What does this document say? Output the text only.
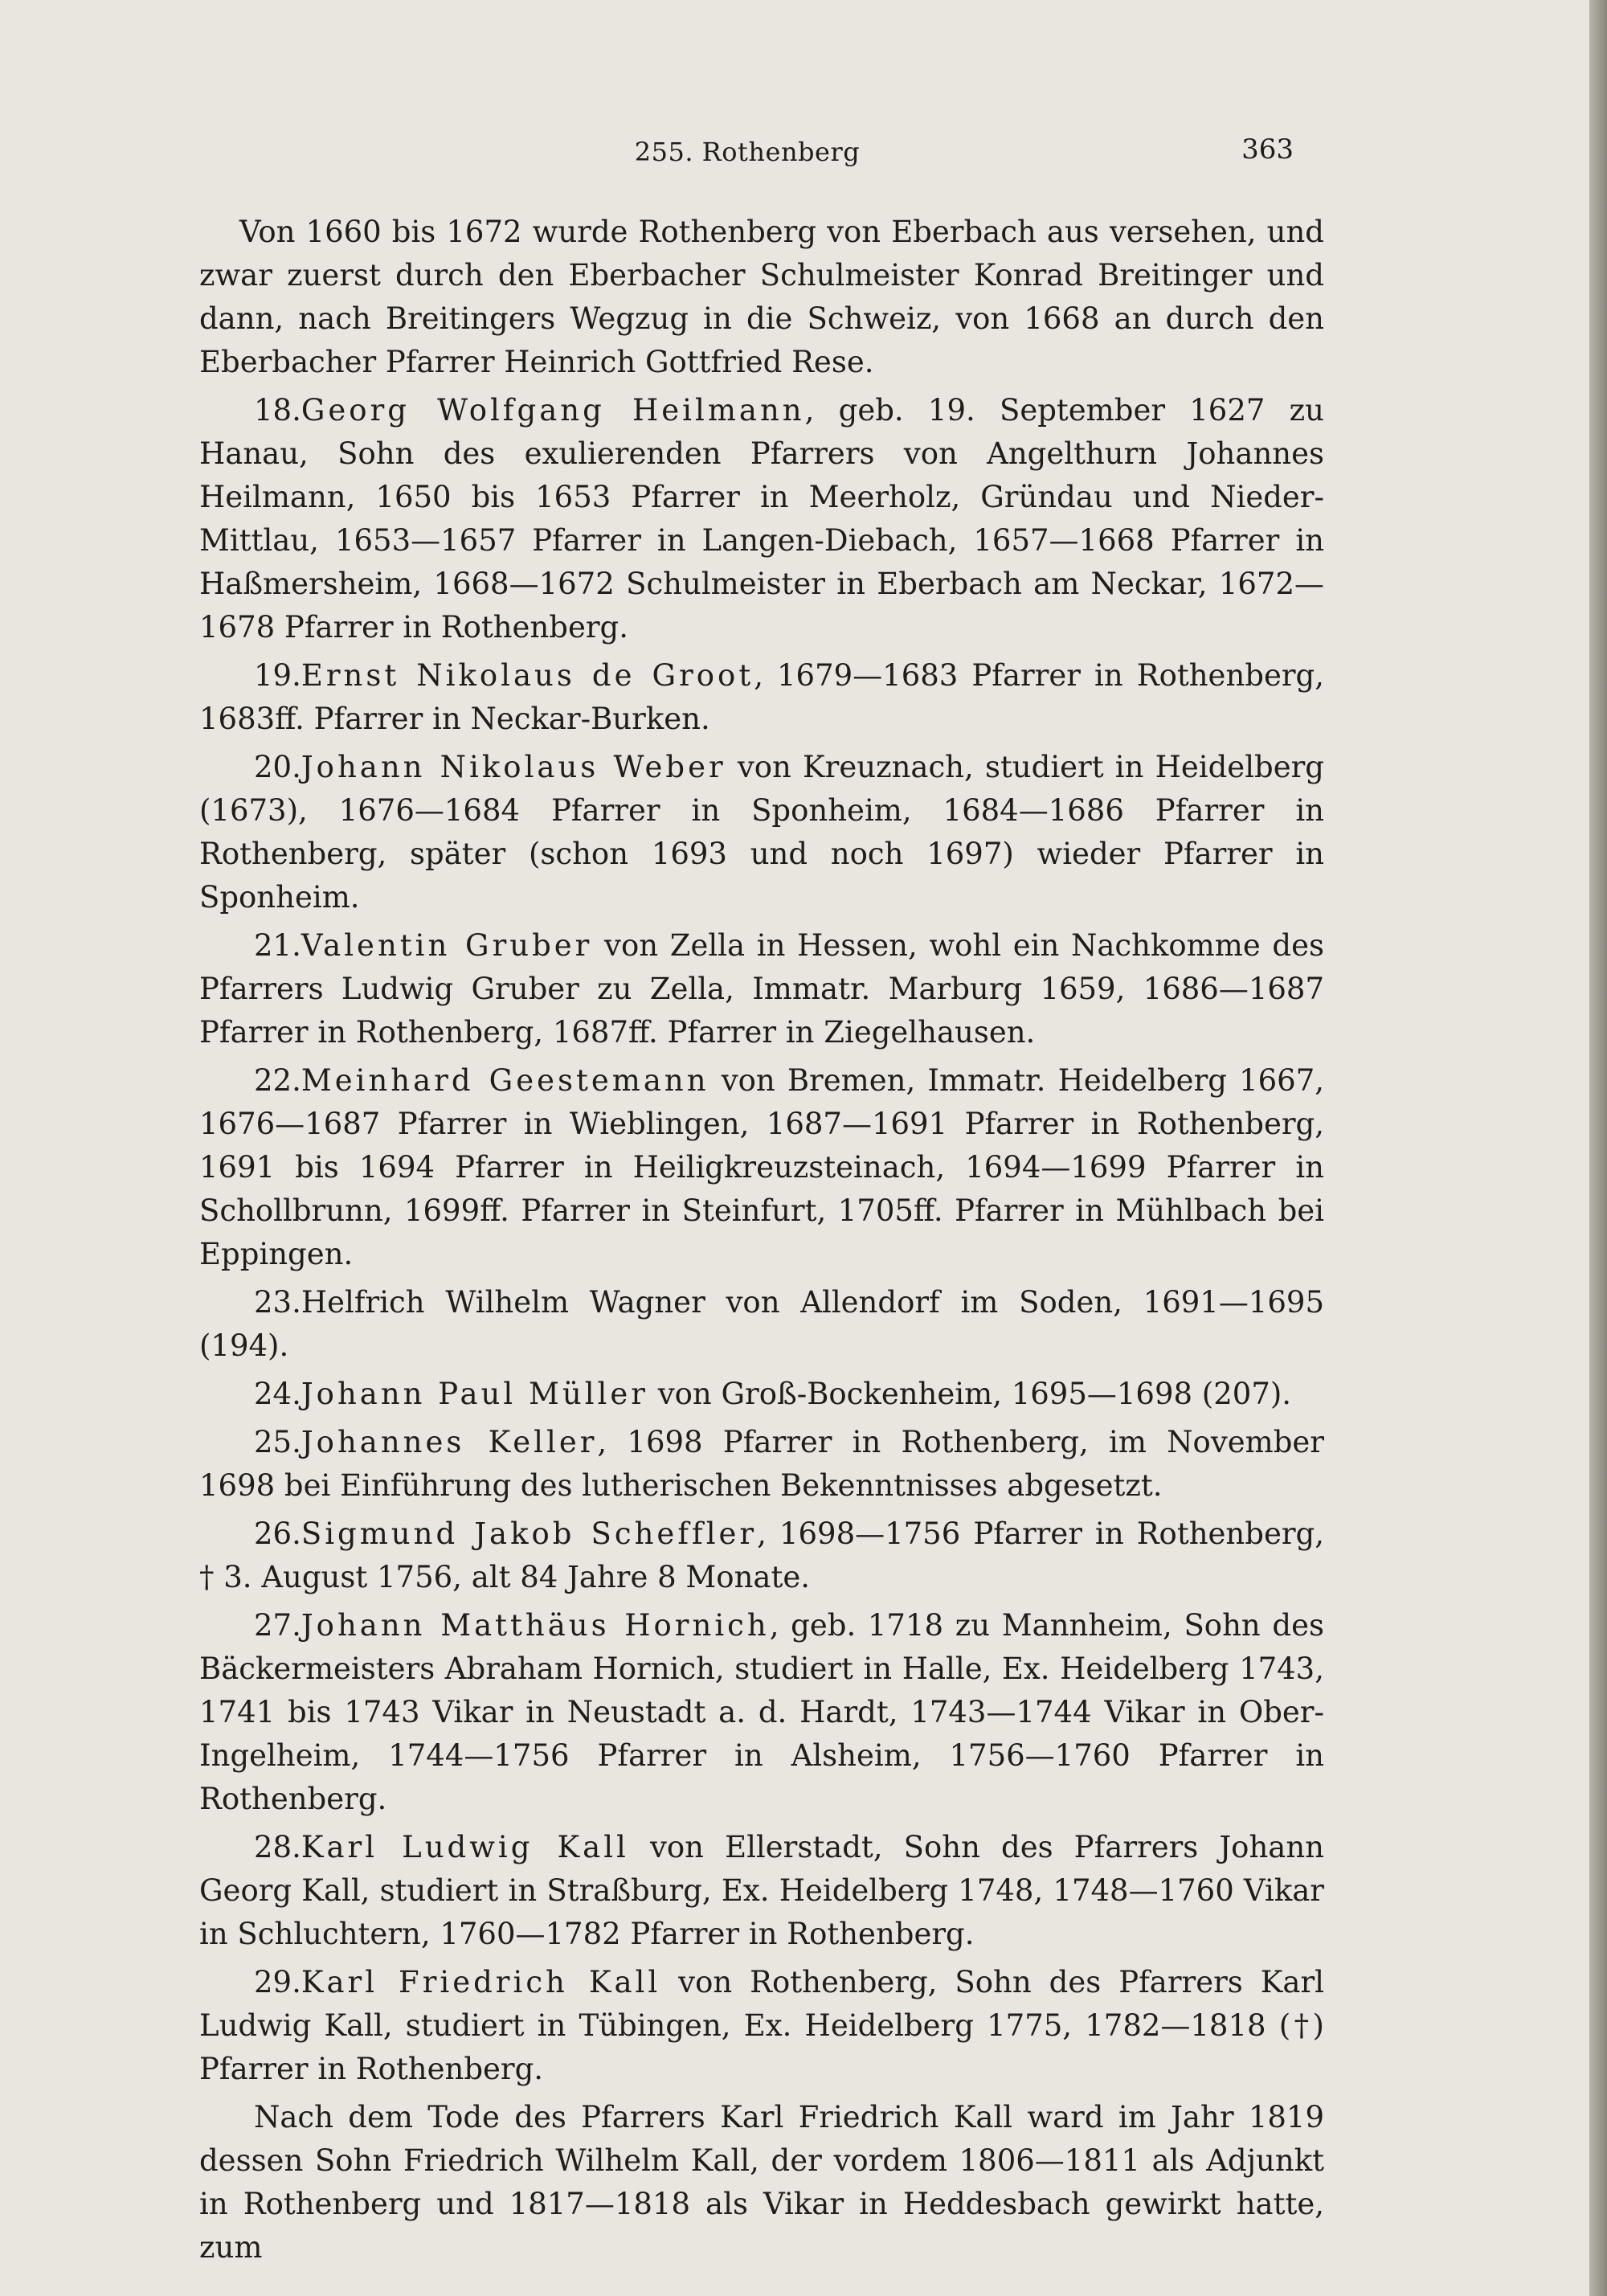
255. Rothenberg	363

Von 1660 bis 1672 wurde Rothenberg von Eberbach aus versehen, und zwar zuerst durch den Eberbacher Schulmeister Konrad Breitinger und dann, nach Breitingers Wegzug in die Schweiz, von 1668 an durch den Eberbacher Pfarrer Heinrich Gottfried Rese.

18.Georg Wolfgang Heilmann, geb. 19. September 1627 zu Hanau, Sohn des exulierenden Pfarrers von Angelthurn Johannes Heilmann, 1650 bis 1653 Pfarrer in Meerholz, Gründau und Nieder-Mittlau, 1653—1657 Pfarrer in Langen-Diebach, 1657—1668 Pfarrer in Haßmersheim, 1668—1672 Schulmeister in Eberbach am Neckar, 1672—1678 Pfarrer in Rothenberg.

19.Ernst Nikolaus de Groot, 1679—1683 Pfarrer in Rothenberg, 1683ff. Pfarrer in Neckar-Burken.

20.Johann Nikolaus Weber von Kreuznach, studiert in Heidelberg (1673), 1676—1684 Pfarrer in Sponheim, 1684—1686 Pfarrer in Rothenberg, später (schon 1693 und noch 1697) wieder Pfarrer in Sponheim.

21.Valentin Gruber von Zella in Hessen, wohl ein Nachkomme des Pfarrers Ludwig Gruber zu Zella, Immatr. Marburg 1659, 1686—1687 Pfarrer in Rothenberg, 1687ff. Pfarrer in Ziegelhausen.

22.Meinhard Geestemann von Bremen, Immatr. Heidelberg 1667, 1676—1687 Pfarrer in Wieblingen, 1687—1691 Pfarrer in Rothenberg, 1691 bis 1694 Pfarrer in Heiligkreuzsteinach, 1694—1699 Pfarrer in Schollbrunn, 1699ff. Pfarrer in Steinfurt, 1705ff. Pfarrer in Mühlbach bei Eppingen.

23.Helfrich Wilhelm Wagner von Allendorf im Soden, 1691—1695 (194).

24.Johann Paul Müller von Groß-Bockenheim, 1695—1698 (207).

25.Johannes Keller, 1698 Pfarrer in Rothenberg, im November 1698 bei Einführung des lutherischen Bekenntnisses abgesetzt.

26.Sigmund Jakob Scheffler, 1698—1756 Pfarrer in Rothenberg, † 3. August 1756, alt 84 Jahre 8 Monate.

27.Johann Matthäus Hornich, geb. 1718 zu Mannheim, Sohn des Bäckermeisters Abraham Hornich, studiert in Halle, Ex. Heidelberg 1743, 1741 bis 1743 Vikar in Neustadt a. d. Hardt, 1743—1744 Vikar in Ober-Ingelheim, 1744—1756 Pfarrer in Alsheim, 1756—1760 Pfarrer in Rothenberg.

28.Karl Ludwig Kall von Ellerstadt, Sohn des Pfarrers Johann Georg Kall, studiert in Straßburg, Ex. Heidelberg 1748, 1748—1760 Vikar in Schluchtern, 1760—1782 Pfarrer in Rothenberg.

29.Karl Friedrich Kall von Rothenberg, Sohn des Pfarrers Karl Ludwig Kall, studiert in Tübingen, Ex. Heidelberg 1775, 1782—1818 (†) Pfarrer in Rothenberg.

Nach dem Tode des Pfarrers Karl Friedrich Kall ward im Jahr 1819 dessen Sohn Friedrich Wilhelm Kall, der vordem 1806—1811 als Adjunkt in Rothenberg und 1817—1818 als Vikar in Heddesbach gewirkt hatte, zum
